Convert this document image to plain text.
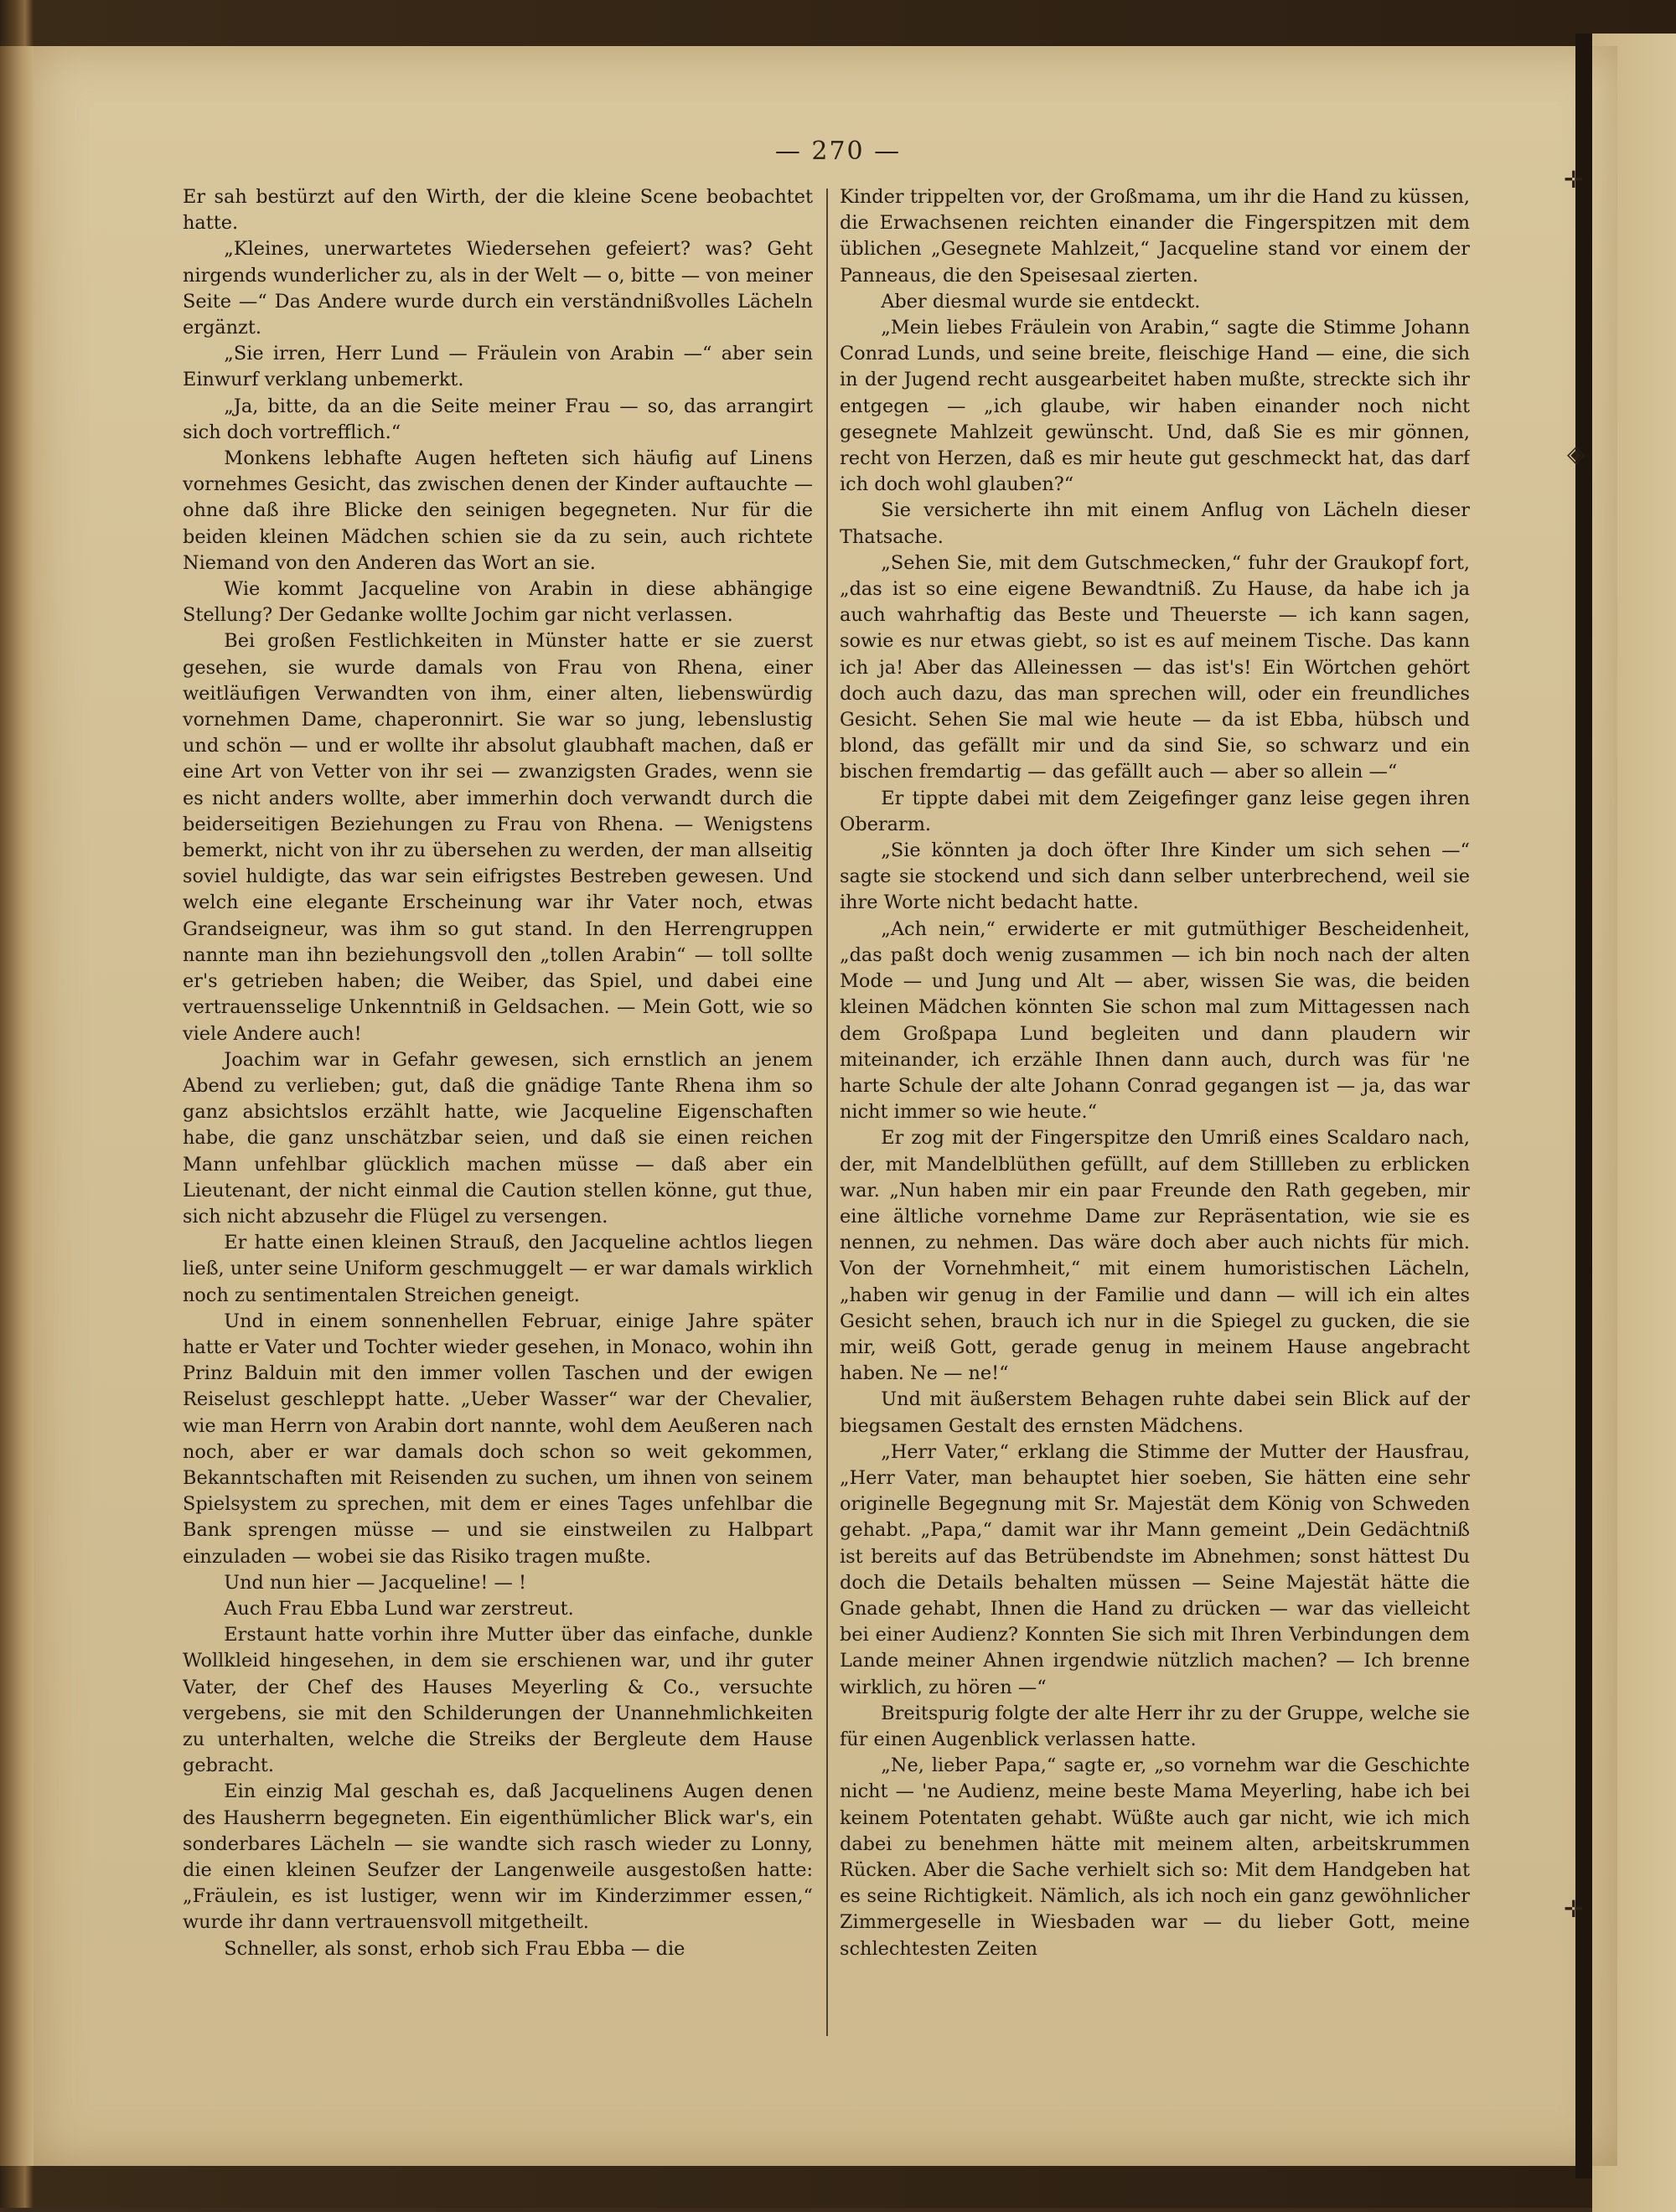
✛
◈
✛
— 270 —

Er sah bestürzt auf den Wirth, der die kleine Scene beobachtet hatte.

„Kleines, unerwartetes Wiedersehen gefeiert? was? Geht nirgends wunderlicher zu, als in der Welt — o, bitte — von meiner Seite —“ Das Andere wurde durch ein verständnißvolles Lächeln ergänzt.

„Sie irren, Herr Lund — Fräulein von Arabin —“ aber sein Einwurf verklang unbemerkt.

„Ja, bitte, da an die Seite meiner Frau — so, das arrangirt sich doch vortrefflich.“

Monkens lebhafte Augen hefteten sich häufig auf Linens vornehmes Gesicht, das zwischen denen der Kinder auftauchte — ohne daß ihre Blicke den seinigen begegneten. Nur für die beiden kleinen Mädchen schien sie da zu sein, auch richtete Niemand von den Anderen das Wort an sie.

Wie kommt Jacqueline von Arabin in diese abhängige Stellung? Der Gedanke wollte Jochim gar nicht verlassen.

Bei großen Festlichkeiten in Münster hatte er sie zuerst gesehen, sie wurde damals von Frau von Rhena, einer weitläufigen Verwandten von ihm, einer alten, liebenswürdig vornehmen Dame, chaperonnirt. Sie war so jung, lebenslustig und schön — und er wollte ihr absolut glaubhaft machen, daß er eine Art von Vetter von ihr sei — zwanzigsten Grades, wenn sie es nicht anders wollte, aber immerhin doch verwandt durch die beiderseitigen Beziehungen zu Frau von Rhena. — Wenigstens bemerkt, nicht von ihr zu übersehen zu werden, der man allseitig soviel huldigte, das war sein eifrigstes Bestreben gewesen. Und welch eine elegante Erscheinung war ihr Vater noch, etwas Grandseigneur, was ihm so gut stand. In den Herrengruppen nannte man ihn beziehungsvoll den „tollen Arabin“ — toll sollte er's getrieben haben; die Weiber, das Spiel, und dabei eine vertrauensselige Unkenntniß in Geldsachen. — Mein Gott, wie so viele Andere auch!

Joachim war in Gefahr gewesen, sich ernstlich an jenem Abend zu verlieben; gut, daß die gnädige Tante Rhena ihm so ganz absichtslos erzählt hatte, wie Jacqueline Eigenschaften habe, die ganz unschätzbar seien, und daß sie einen reichen Mann unfehlbar glücklich machen müsse — daß aber ein Lieutenant, der nicht einmal die Caution stellen könne, gut thue, sich nicht abzusehr die Flügel zu versengen.

Er hatte einen kleinen Strauß, den Jacqueline achtlos liegen ließ, unter seine Uniform geschmuggelt — er war damals wirklich noch zu sentimentalen Streichen geneigt.

Und in einem sonnenhellen Februar, einige Jahre später hatte er Vater und Tochter wieder gesehen, in Monaco, wohin ihn Prinz Balduin mit den immer vollen Taschen und der ewigen Reiselust geschleppt hatte. „Ueber Wasser“ war der Chevalier, wie man Herrn von Arabin dort nannte, wohl dem Aeußeren nach noch, aber er war damals doch schon so weit gekommen, Bekanntschaften mit Reisenden zu suchen, um ihnen von seinem Spielsystem zu sprechen, mit dem er eines Tages unfehlbar die Bank sprengen müsse — und sie einstweilen zu Halbpart einzuladen — wobei sie das Risiko tragen mußte.

Und nun hier — Jacqueline! — !

Auch Frau Ebba Lund war zerstreut.

Erstaunt hatte vorhin ihre Mutter über das einfache, dunkle Wollkleid hingesehen, in dem sie erschienen war, und ihr guter Vater, der Chef des Hauses Meyerling & Co., versuchte vergebens, sie mit den Schilderungen der Unannehmlichkeiten zu unterhalten, welche die Streiks der Bergleute dem Hause gebracht.

Ein einzig Mal geschah es, daß Jacquelinens Augen denen des Hausherrn begegneten. Ein eigenthümlicher Blick war's, ein sonderbares Lächeln — sie wandte sich rasch wieder zu Lonny, die einen kleinen Seufzer der Langenweile ausgestoßen hatte: „Fräulein, es ist lustiger, wenn wir im Kinderzimmer essen,“ wurde ihr dann vertrauensvoll mitgetheilt.

Schneller, als sonst, erhob sich Frau Ebba — die

Kinder trippelten vor, der Großmama, um ihr die Hand zu küssen, die Erwachsenen reichten einander die Fingerspitzen mit dem üblichen „Gesegnete Mahlzeit,“ Jacqueline stand vor einem der Panneaus, die den Speisesaal zierten.

Aber diesmal wurde sie entdeckt.

„Mein liebes Fräulein von Arabin,“ sagte die Stimme Johann Conrad Lunds, und seine breite, fleischige Hand — eine, die sich in der Jugend recht ausgearbeitet haben mußte, streckte sich ihr entgegen — „ich glaube, wir haben einander noch nicht gesegnete Mahlzeit gewünscht. Und, daß Sie es mir gönnen, recht von Herzen, daß es mir heute gut geschmeckt hat, das darf ich doch wohl glauben?“

Sie versicherte ihn mit einem Anflug von Lächeln dieser Thatsache.

„Sehen Sie, mit dem Gutschmecken,“ fuhr der Graukopf fort, „das ist so eine eigene Bewandtniß. Zu Hause, da habe ich ja auch wahrhaftig das Beste und Theuerste — ich kann sagen, sowie es nur etwas giebt, so ist es auf meinem Tische. Das kann ich ja! Aber das Alleinessen — das ist's! Ein Wörtchen gehört doch auch dazu, das man sprechen will, oder ein freundliches Gesicht. Sehen Sie mal wie heute — da ist Ebba, hübsch und blond, das gefällt mir und da sind Sie, so schwarz und ein bischen fremdartig — das gefällt auch — aber so allein —“

Er tippte dabei mit dem Zeigefinger ganz leise gegen ihren Oberarm.

„Sie könnten ja doch öfter Ihre Kinder um sich sehen —“ sagte sie stockend und sich dann selber unterbrechend, weil sie ihre Worte nicht bedacht hatte.

„Ach nein,“ erwiderte er mit gutmüthiger Bescheidenheit, „das paßt doch wenig zusammen — ich bin noch nach der alten Mode — und Jung und Alt — aber, wissen Sie was, die beiden kleinen Mädchen könnten Sie schon mal zum Mittagessen nach dem Großpapa Lund begleiten und dann plaudern wir miteinander, ich erzähle Ihnen dann auch, durch was für 'ne harte Schule der alte Johann Conrad gegangen ist — ja, das war nicht immer so wie heute.“

Er zog mit der Fingerspitze den Umriß eines Scaldaro nach, der, mit Mandelblüthen gefüllt, auf dem Stillleben zu erblicken war. „Nun haben mir ein paar Freunde den Rath gegeben, mir eine ältliche vornehme Dame zur Repräsentation, wie sie es nennen, zu nehmen. Das wäre doch aber auch nichts für mich. Von der Vornehmheit,“ mit einem humoristischen Lächeln, „haben wir genug in der Familie und dann — will ich ein altes Gesicht sehen, brauch ich nur in die Spiegel zu gucken, die sie mir, weiß Gott, gerade genug in meinem Hause angebracht haben. Ne — ne!“

Und mit äußerstem Behagen ruhte dabei sein Blick auf der biegsamen Gestalt des ernsten Mädchens.

„Herr Vater,“ erklang die Stimme der Mutter der Hausfrau, „Herr Vater, man behauptet hier soeben, Sie hätten eine sehr originelle Begegnung mit Sr. Majestät dem König von Schweden gehabt. „Papa,“ damit war ihr Mann gemeint „Dein Gedächtniß ist bereits auf das Betrübendste im Abnehmen; sonst hättest Du doch die Details behalten müssen — Seine Majestät hätte die Gnade gehabt, Ihnen die Hand zu drücken — war das vielleicht bei einer Audienz? Konnten Sie sich mit Ihren Verbindungen dem Lande meiner Ahnen irgendwie nützlich machen? — Ich brenne wirklich, zu hören —“

Breitspurig folgte der alte Herr ihr zu der Gruppe, welche sie für einen Augenblick verlassen hatte.

„Ne, lieber Papa,“ sagte er, „so vornehm war die Geschichte nicht — 'ne Audienz, meine beste Mama Meyerling, habe ich bei keinem Potentaten gehabt. Wüßte auch gar nicht, wie ich mich dabei zu benehmen hätte mit meinem alten, arbeitskrummen Rücken. Aber die Sache verhielt sich so: Mit dem Handgeben hat es seine Richtigkeit. Nämlich, als ich noch ein ganz gewöhnlicher Zimmergeselle in Wiesbaden war — du lieber Gott, meine schlechtesten Zeiten
